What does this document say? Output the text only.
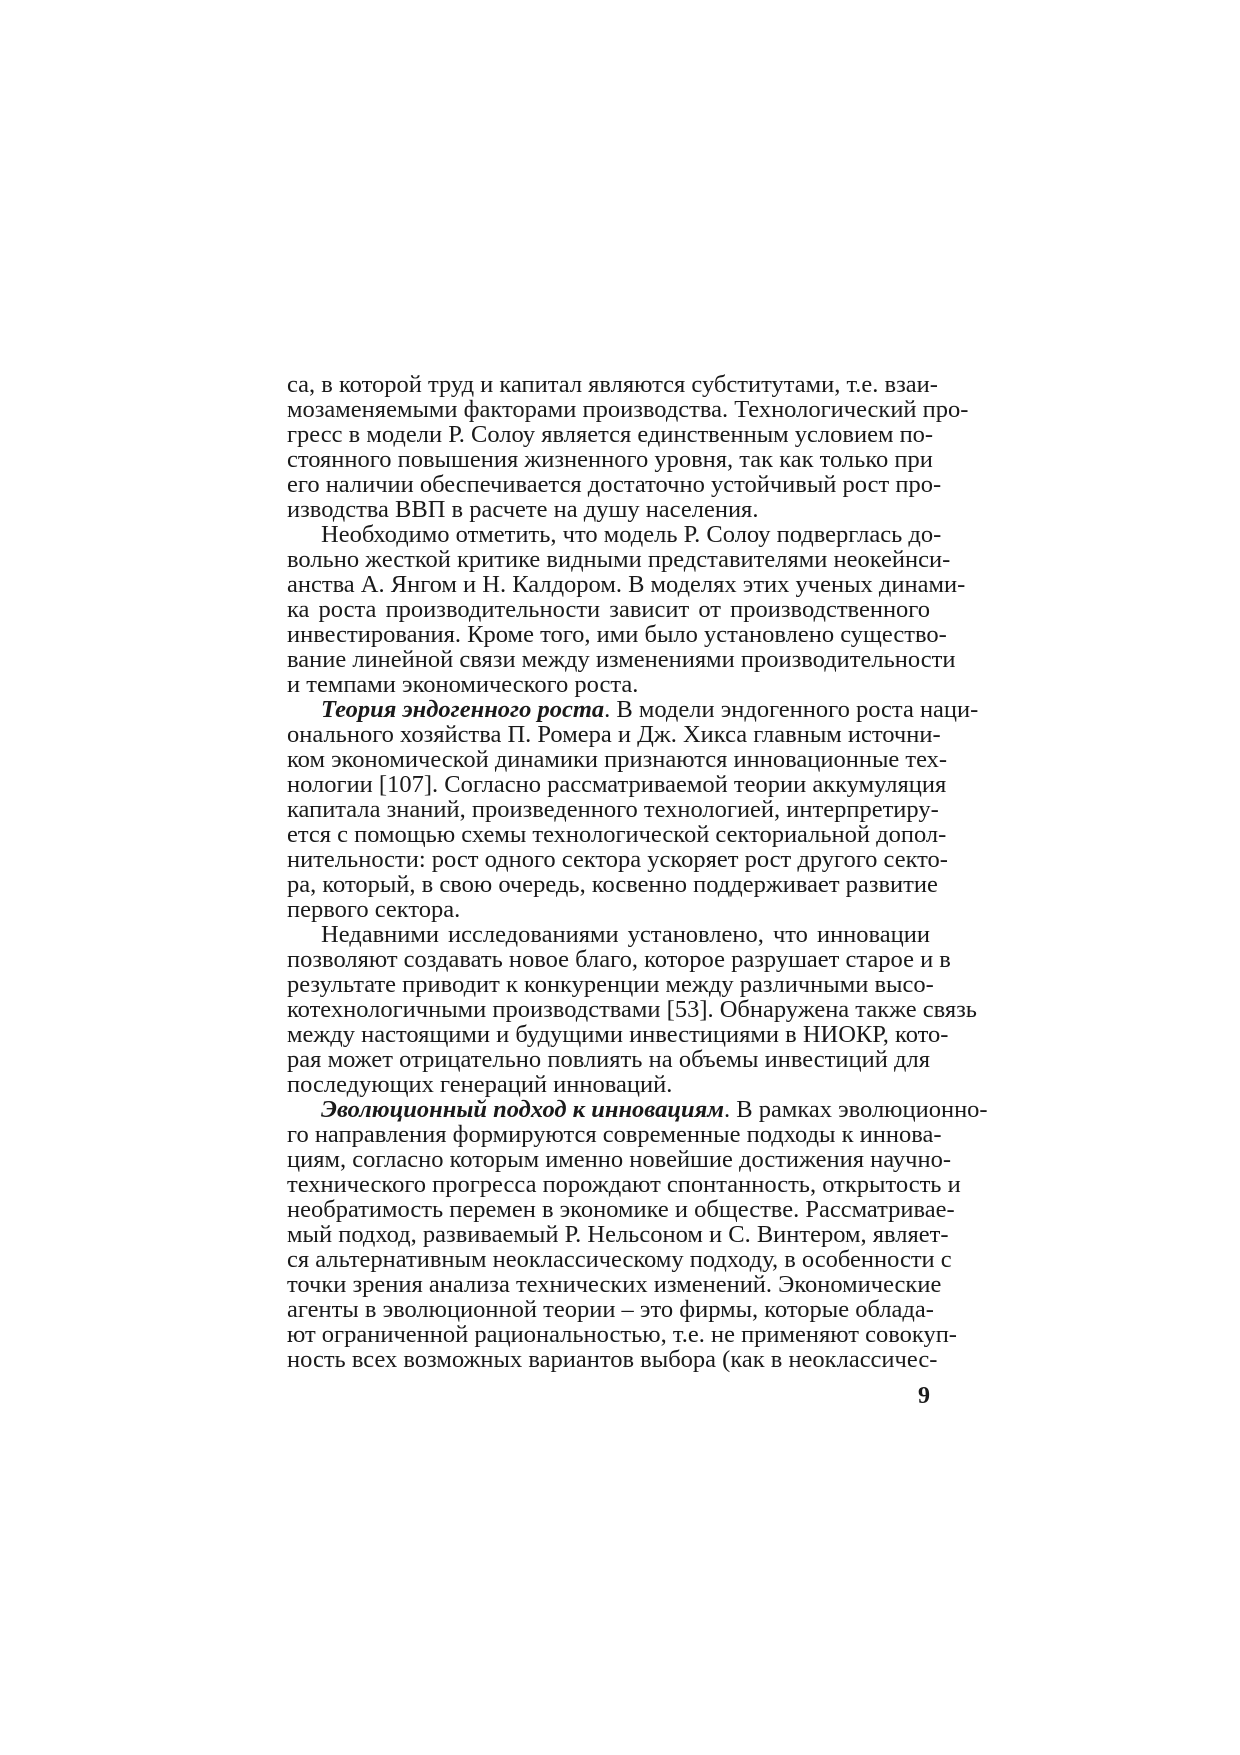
са, в которой труд и капитал являются субститутами, т.е. взаи-
мозаменяемыми факторами производства. Технологический про-
гресс в модели Р. Солоу является единственным условием по-
стоянного повышения жизненного уровня, так как только при
его наличии обеспечивается достаточно устойчивый рост про-
изводства ВВП в расчете на душу населения.
Необходимо отметить, что модель Р. Солоу подверглась до-
вольно жесткой критике видными представителями неокейнси-
анства А. Янгом и Н. Калдором. В моделях этих ученых динами-
ка роста производительности зависит от производственного
инвестирования. Кроме того, ими было установлено существо-
вание линейной связи между изменениями производительности
и темпами экономического роста.
Теория эндогенного роста. В модели эндогенного роста наци-
онального хозяйства П. Ромера и Дж. Хикса главным источни-
ком экономической динамики признаются инновационные тех-
нологии [107]. Согласно рассматриваемой теории аккумуляция
капитала знаний, произведенного технологией, интерпретиру-
ется с помощью схемы технологической секториальной допол-
нительности: рост одного сектора ускоряет рост другого секто-
ра, который, в свою очередь, косвенно поддерживает развитие
первого сектора.
Недавними исследованиями установлено, что инновации
позволяют создавать новое благо, которое разрушает старое и в
результате приводит к конкуренции между различными высо-
котехнологичными производствами [53]. Обнаружена также связь
между настоящими и будущими инвестициями в НИОКР, кото-
рая может отрицательно повлиять на объемы инвестиций для
последующих генераций инноваций.
Эволюционный подход к инновациям. В рамках эволюционно-
го направления формируются современные подходы к иннова-
циям, согласно которым именно новейшие достижения научно-
технического прогресса порождают спонтанность, открытость и
необратимость перемен в экономике и обществе. Рассматривае-
мый подход, развиваемый Р. Нельсоном и С. Винтером, являет-
ся альтернативным неоклассическому подходу, в особенности с
точки зрения анализа технических изменений. Экономические
агенты в эволюционной теории – это фирмы, которые облада-
ют ограниченной рациональностью, т.е. не применяют совокуп-
ность всех возможных вариантов выбора (как в неоклассичес-
9
